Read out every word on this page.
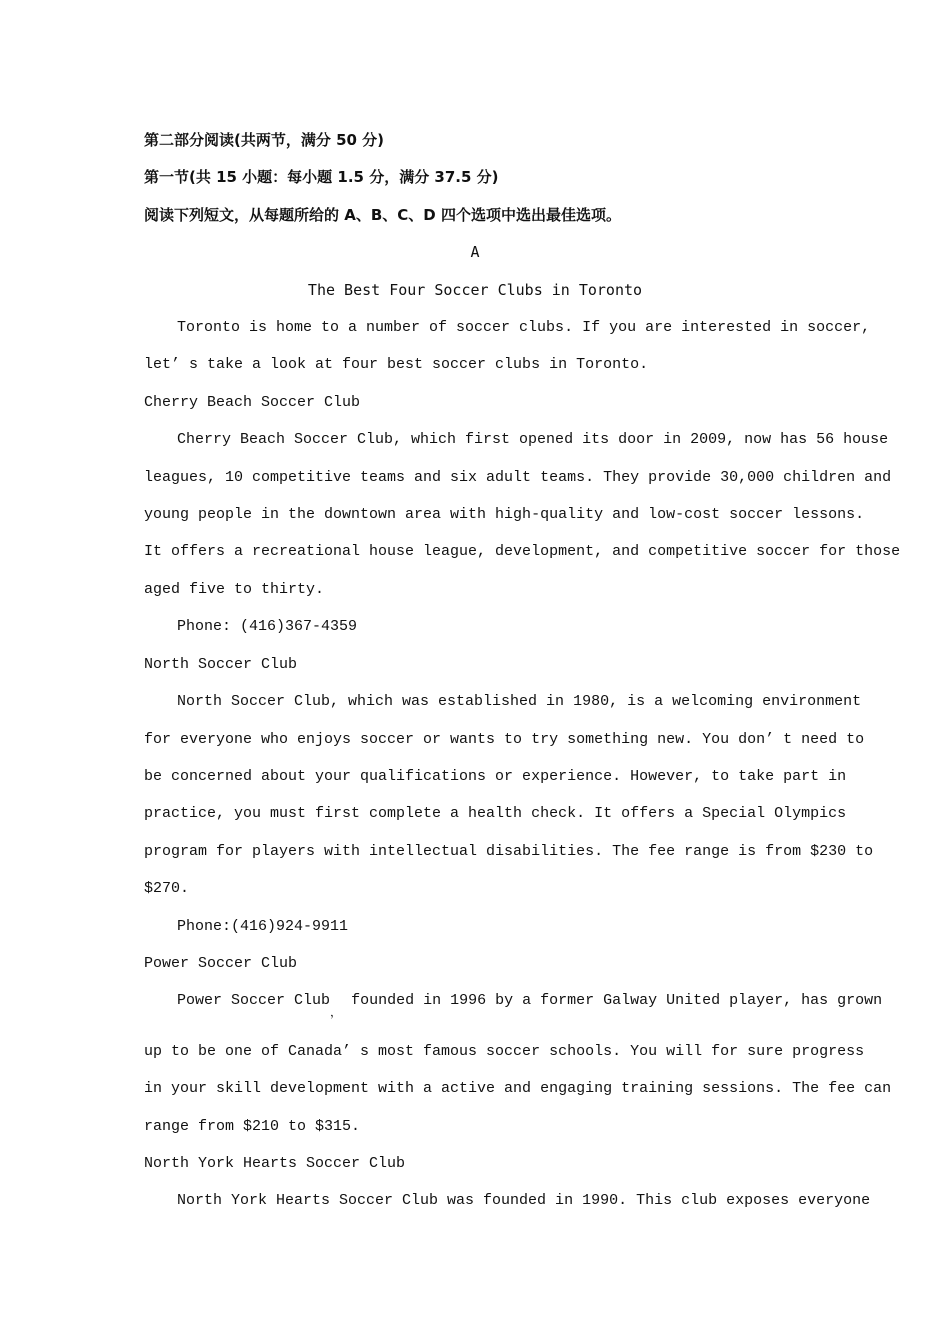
第二部分阅读(共两节，满分 50 分)
第一节(共 15 小题：每小题 1.5 分，满分 37.5 分)
阅读下列短文，从每题所给的 A、B、C、D 四个选项中选出最佳选项。
A
The Best Four Soccer Clubs in Toronto
Toronto is home to a number of soccer clubs. If you are interested in soccer,
let’ s take a look at four best soccer clubs in Toronto.
Cherry Beach Soccer Club
Cherry Beach Soccer Club, which first opened its door in 2009, now has 56 house
leagues, 10 competitive teams and six adult teams. They provide 30,000 children and
young people in the downtown area with high-quality and low-cost soccer lessons.
It offers a recreational house league, development, and competitive soccer for those
aged five to thirty.
Phone: (416)367-4359
North Soccer Club
North Soccer Club, which was established in 1980, is a welcoming environment
for everyone who enjoys soccer or wants to try something new. You don’ t need to
be concerned about your qualifications or experience. However, to take part in
practice, you must first complete a health check. It offers a Special Olympics
program for players with intellectual disabilities. The fee range is from $230 to
$270.
Phone:(416)924-9911
Power Soccer Club
Power Soccer Club$_,$ founded in 1996 by a former Galway United player, has grown
up to be one of Canada’ s most famous soccer schools. You will for sure progress
in your skill development with a active and engaging training sessions. The fee can
range from $210 to $315.
North York Hearts Soccer Club
North York Hearts Soccer Club was founded in 1990. This club exposes everyone
